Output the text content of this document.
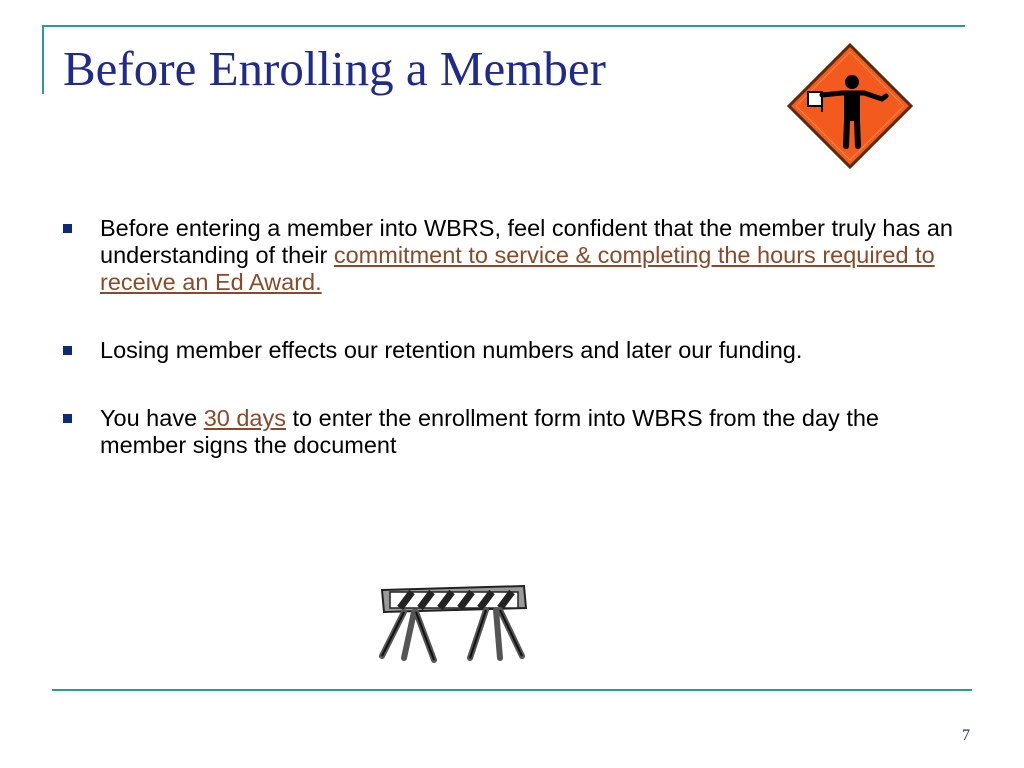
Before Enrolling a Member
Before entering a member into WBRS, feel confident that the member truly has an understanding of their commitment to service & completing the hours required to receive an Ed Award.
Losing member effects our retention numbers and later our funding.
You have 30 days to enter the enrollment form into WBRS from the day the member signs the document
7
